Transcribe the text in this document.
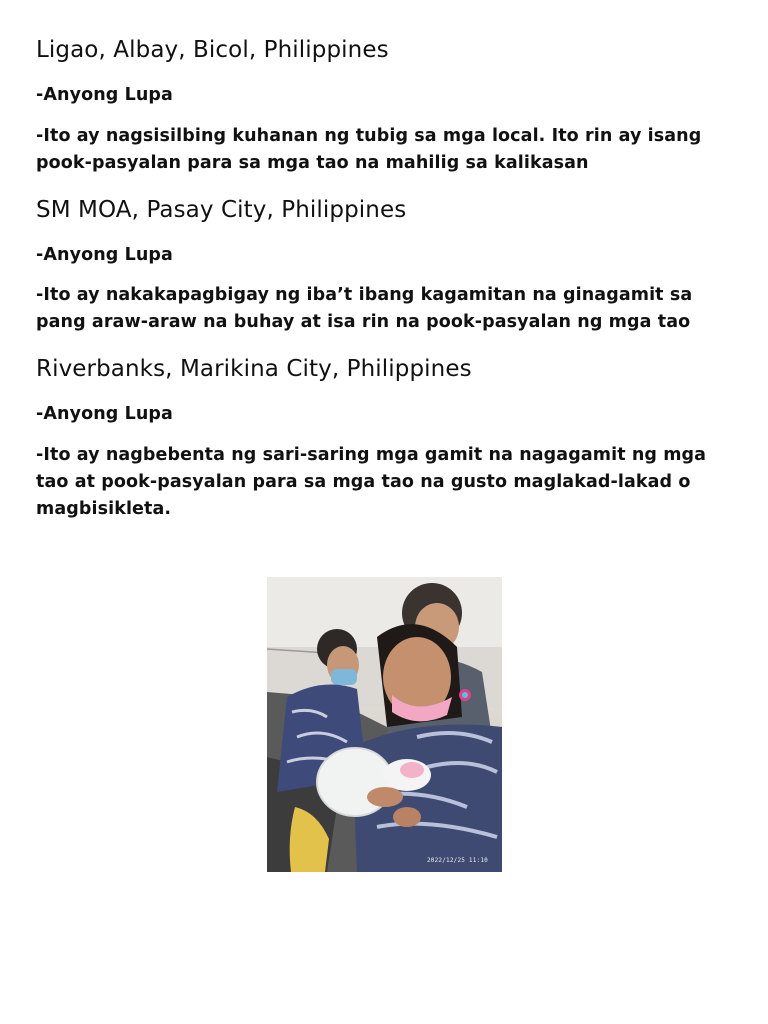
Ligao, Albay, Bicol, Philippines

-Anyong Lupa

-Ito ay nagsisilbing kuhanan ng tubig sa mga local. Ito rin ay isang pook-pasyalan para sa mga tao na mahilig sa kalikasan

SM MOA, Pasay City, Philippines

-Anyong Lupa

-Ito ay nakakapagbigay ng iba’t ibang kagamitan na ginagamit sa pang araw-araw na buhay at isa rin na pook-pasyalan ng mga tao

Riverbanks, Marikina City, Philippines

-Anyong Lupa

-Ito ay nagbebenta ng sari-saring mga gamit na nagagamit ng mga tao at pook-pasyalan para sa mga tao na gusto maglakad-lakad o magbisikleta.

2022/12/25 11:10
